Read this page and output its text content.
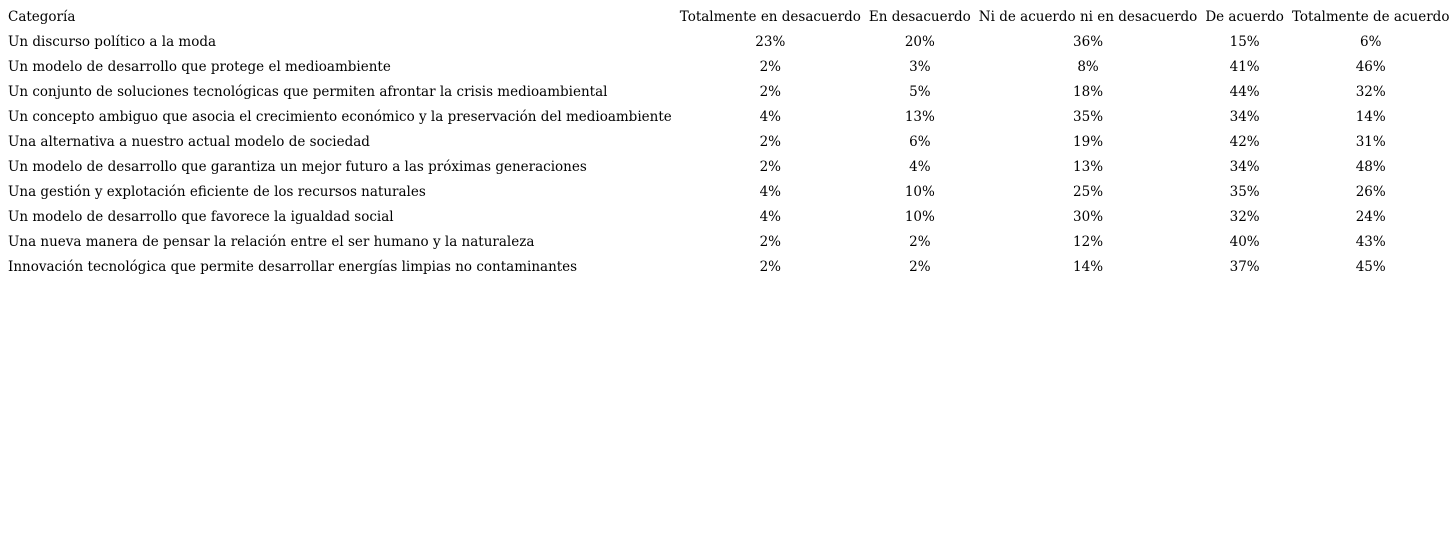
Categoría	Totalmente en desacuerdo	En desacuerdo	Ni de acuerdo ni en desacuerdo	De acuerdo	Totalmente de acuerdo
Un discurso político a la moda	23%	20%	36%	15%	6%
Un modelo de desarrollo que protege el medioambiente	2%	3%	8%	41%	46%
Un conjunto de soluciones tecnológicas que permiten afrontar la crisis medioambiental	2%	5%	18%	44%	32%
Un concepto ambiguo que asocia el crecimiento económico y la preservación del medioambiente	4%	13%	35%	34%	14%
Una alternativa a nuestro actual modelo de sociedad	2%	6%	19%	42%	31%
Un modelo de desarrollo que garantiza un mejor futuro a las próximas generaciones	2%	4%	13%	34%	48%
Una gestión y explotación eficiente de los recursos naturales	4%	10%	25%	35%	26%
Un modelo de desarrollo que favorece la igualdad social	4%	10%	30%	32%	24%
Una nueva manera de pensar la relación entre el ser humano y la naturaleza	2%	2%	12%	40%	43%
Innovación tecnológica que permite desarrollar energías limpias no contaminantes	2%	2%	14%	37%	45%
